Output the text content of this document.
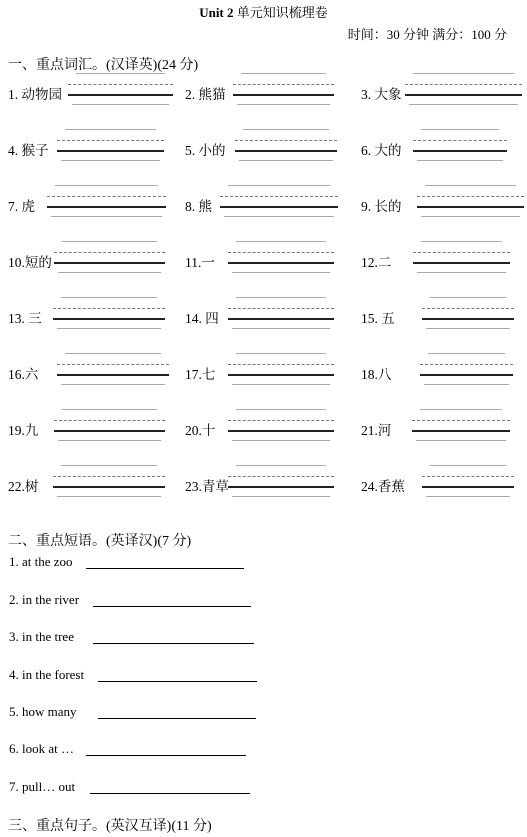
Unit 2 单元知识梳理卷
时间：30 分钟 满分：100 分
一、重点词汇。(汉译英)(24 分)
1. 动物园	2. 熊猫	3. 大象
4. 猴子	5. 小的	6. 大的
7. 虎	8. 熊	9. 长的
10.短的	11.一	12.二
13. 三	14. 四	15. 五
16.六	17.七	18.八
19.九	20.十	21.河
22.树	23.青草	24.香蕉
二、重点短语。(英译汉)(7 分)
1. at the zoo
2. in the river
3. in the tree
4. in the forest
5. how many
6. look at …
7. pull… out
三、重点句子。(英汉互译)(11 分)
